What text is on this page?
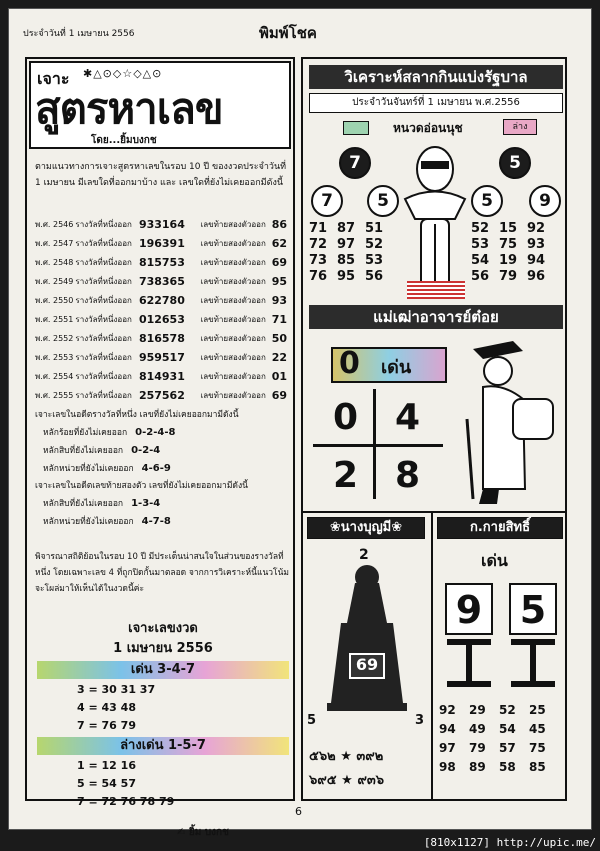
ประจำวันที่ 1 เมษายน 2556	พิมพ์โชค
เจาะ ✱△⊙◇☆◇△⊙
สูตรหาเลข
โดย...ยิ้มบงกช
ตามแนวทางการเจาะสูตรหาเลขในรอบ 10 ปี ของงวดประจำวันที่ 1 เมษายน มีเลขใดที่ออกมาบ้าง และ เลขใดที่ยังไม่เคยออกมีดังนี้
พ.ศ. 2546 รางวัลที่หนึ่งออก 933164	เลขท้ายสองตัวออก 86
พ.ศ. 2547 รางวัลที่หนึ่งออก 196391	เลขท้ายสองตัวออก 62
พ.ศ. 2548 รางวัลที่หนึ่งออก 815753	เลขท้ายสองตัวออก 69
พ.ศ. 2549 รางวัลที่หนึ่งออก 738365	เลขท้ายสองตัวออก 95
พ.ศ. 2550 รางวัลที่หนึ่งออก 622780	เลขท้ายสองตัวออก 93
พ.ศ. 2551 รางวัลที่หนึ่งออก 012653	เลขท้ายสองตัวออก 71
พ.ศ. 2552 รางวัลที่หนึ่งออก 816578	เลขท้ายสองตัวออก 50
พ.ศ. 2553 รางวัลที่หนึ่งออก 959517	เลขท้ายสองตัวออก 22
พ.ศ. 2554 รางวัลที่หนึ่งออก 814931	เลขท้ายสองตัวออก 01
พ.ศ. 2555 รางวัลที่หนึ่งออก 257562	เลขท้ายสองตัวออก 69
เจาะเลขในอดีตรางวัลที่หนึ่ง เลขที่ยังไม่เคยออกมามีดังนี้
หลักร้อยที่ยังไม่เคยออก 0-2-4-8
หลักสิบที่ยังไม่เคยออก 0-2-4
หลักหน่วยที่ยังไม่เคยออก 4-6-9
เจาะเลขในอดีตเลขท้ายสองตัว เลขที่ยังไม่เคยออกมามีดังนี้
หลักสิบที่ยังไม่เคยออก 1-3-4
หลักหน่วยที่ยังไม่เคยออก 4-7-8
พิจารณาสถิติย้อนในรอบ 10 ปี มีประเด็นน่าสนใจในส่วนของรางวัลที่หนึ่ง โดยเฉพาะเลข 4 ที่ถูกปิดกั้นมาตลอด จากการวิเคราะห์นี้แนวโน้มจะโผล่มาให้เห็นได้ในงวดนี้ค่ะ
เจาะเลขงวด
1 เมษายน 2556
เด่น 3-4-7
3 = 30 31 37
4 = 43 48
7 = 76 79
ล่างเด่น 1-5-7
1 = 12 16
5 = 54 57
7 = 72 76 78 79
✍ ยิ้ม บงกช
วิเคราะห์สลากกินแบ่งรัฐบาล
ประจำวันจันทร์ที่ 1 เมษายน พ.ศ.2556
หนวดอ่อนนุช	ล่าง
7	5
7	5	5	9
71 87 51
72 97 52
73 85 53
76 95 56
52 15 92
53 75 93
54 19 94
56 79 96
แม่เฒ่าอาจารย์ต๋อย
0 เด่น
0 4
2 8
❀นางบุญมี❀
2
69
5	3
๕๖๒ ★ ๓๙๒
๖๙๕ ★ ๙๓๖
ก.กายสิทธิ์
เด่น
9 5
92 29 52 25
94 49 54 45
97 79 57 75
98 89 58 85
6
[810x1127] http://upic.me/
